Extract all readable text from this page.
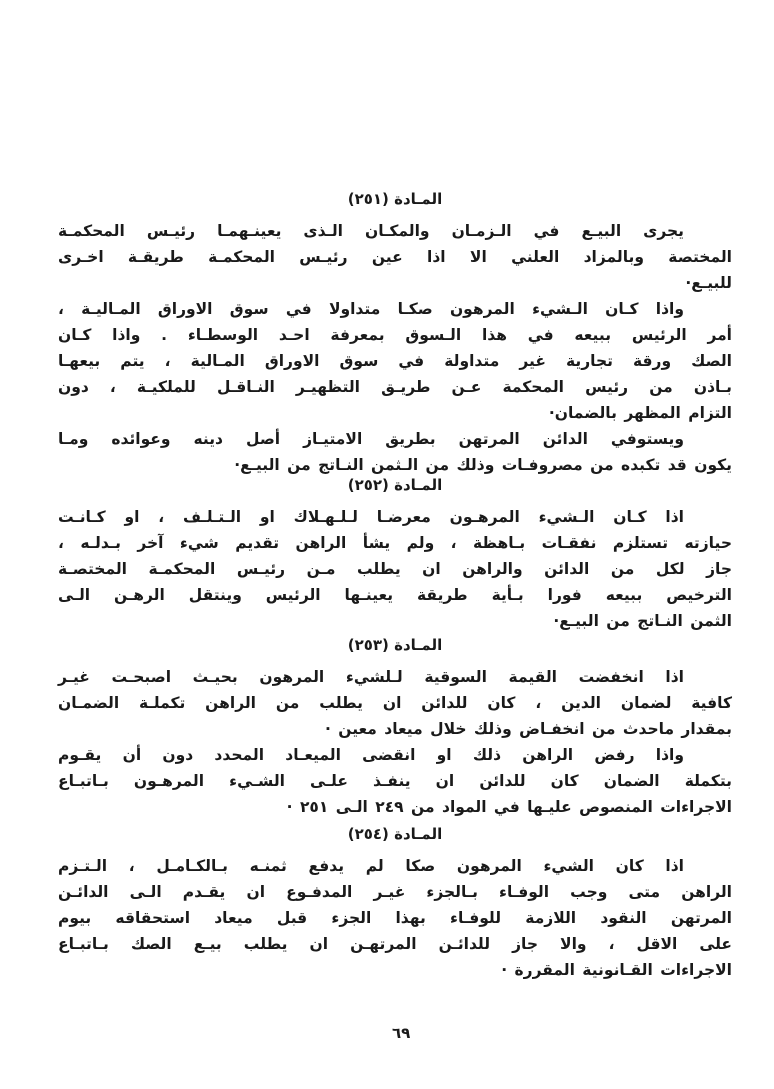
المـادة (٢٥١)
يجرى البيـع في الـزمـان والمكـان الـذى يعينـهمـا رئيـس المحكمـة
المختصة وبالمزاد العلني الا اذا عين رئيـس المحكمـة طريقـة اخـرى
للبيـع·
واذا كـان الـشيء المرهون صكـا متداولا في سوق الاوراق المـاليـة ،
أمر الرئيس ببيعه في هذا الـسوق بمعرفة احـد الوسطـاء . واذا كـان
الصك ورقة تجارية غير متداولة في سوق الاوراق المـالية ، يتم بيعهـا
بـاذن من رئيس المحكمة عـن طريـق التظهيـر النـاقـل للملكيـة ، دون
التزام المظهر بالضمان·
ويستوفي الدائن المرتهن بطريق الامتيـاز أصل دينه وعوائده ومـا
يكون قد تكبده من مصروفـات وذلك من الـثمن النـاتج من البيـع·
المـادة (٢٥٢)
اذا كـان الـشيء المرهـون معرضـا لـلـهـلاك او الـتـلـف ، او كـانـت
حيازته تستلزم نفقـات بـاهظة ، ولم يشأ الراهن تقديم شيء آخر بـدلـه ،
جاز لكل من الدائن والراهن ان يطلب مـن رئيـس المحكمـة المختصـة
الترخيص ببيعه فورا بـأية طريقة يعينـها الرئيس وينتقل الرهـن الـى
الثمن النـاتج من البيـع·
المـادة (٢٥٣)
اذا انخفضت القيمة السوقية لـلشيء المرهون بحيـث اصبحـت غيـر
كافية لضمان الدين ، كان للدائن ان يطلب من الراهن تكملـة الضمـان
بمقدار ماحدث من انخفـاض وذلك خلال ميعاد معين ·
واذا رفض الراهن ذلك او انقضى الميعـاد المحدد دون أن يقـوم
بتكملة الضمان كان للدائن ان ينفـذ علـى الشـيء المرهـون بـاتبـاع
الاجراءات المنصوص عليـها في المواد من ٢٤٩ الـى ٢٥١ ·
المـادة (٢٥٤)
اذا كان الشيء المرهون صكا لم يدفع ثمنـه بـالكـامـل ، الـتـزم
الراهن متى وجب الوفـاء بـالجزء غيـر المدفـوع ان يقـدم الـى الدائـن
المرتهن النقود اللازمة للوفـاء بهذا الجزء قبل ميعاد استحقاقه بيوم
على الاقل ، والا جاز للدائـن المرتهـن ان يطلب بيـع الصك بـاتبـاع
الاجراءات القـانونية المقررة ·
٦٩
